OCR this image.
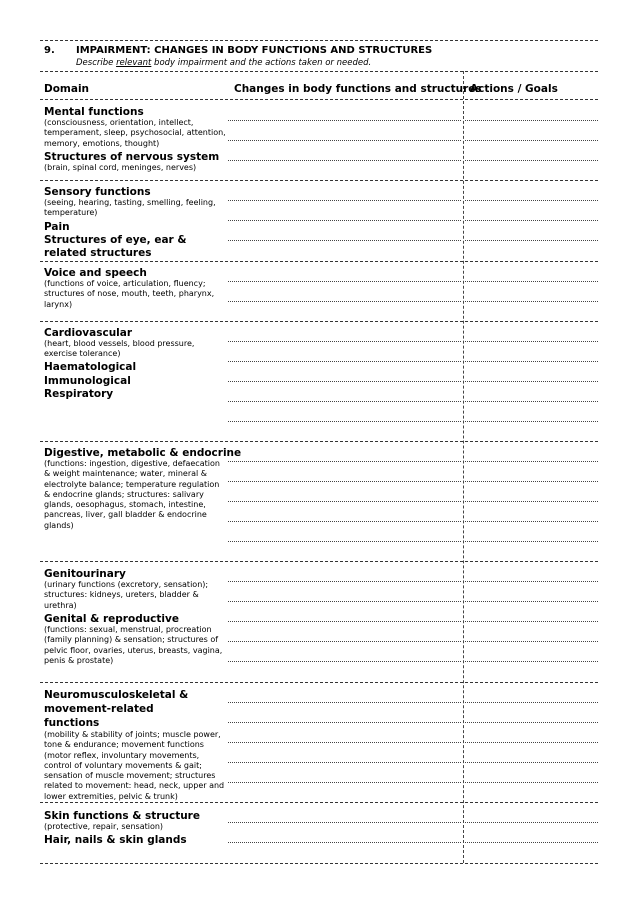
9. IMPAIRMENT: CHANGES IN BODY FUNCTIONS AND STRUCTURES
Describe relevant body impairment and the actions taken or needed.
Domain	Changes in body functions and structures
Actions / Goals
Mental functions
(consciousness, orientation, intellect, temperament, sleep, psychosocial, attention, memory, emotions, thought)
Structures of nervous system
(brain, spinal cord, meninges, nerves)
Sensory functions
(seeing, hearing, tasting, smelling, feeling, temperature)
Pain
Structures of eye, ear & related structures
Voice and speech
(functions of voice, articulation, fluency; structures of nose, mouth, teeth, pharynx, larynx)
Cardiovascular
(heart, blood vessels, blood pressure, exercise tolerance)
Haematological
Immunological
Respiratory
Digestive, metabolic & endocrine
(functions: ingestion, digestive, defaecation & weight maintenance; water, mineral & electrolyte balance; temperature regulation & endocrine glands; structures: salivary glands, oesophagus, stomach, intestine, pancreas, liver, gall bladder & endocrine glands)
Genitourinary
(urinary functions (excretory, sensation); structures: kidneys, ureters, bladder & urethra)
Genital & reproductive
(functions: sexual, menstrual, procreation (family planning) & sensation; structures of pelvic floor, ovaries, uterus, breasts, vagina, penis & prostate)
Neuromusculoskeletal & movement-related functions
(mobility & stability of joints; muscle power, tone & endurance; movement functions (motor reflex, involuntary movements, control of voluntary movements & gait; sensation of muscle movement; structures related to movement: head, neck, upper and lower extremities, pelvic & trunk)
Skin functions & structure
(protective, repair, sensation)
Hair, nails & skin glands
